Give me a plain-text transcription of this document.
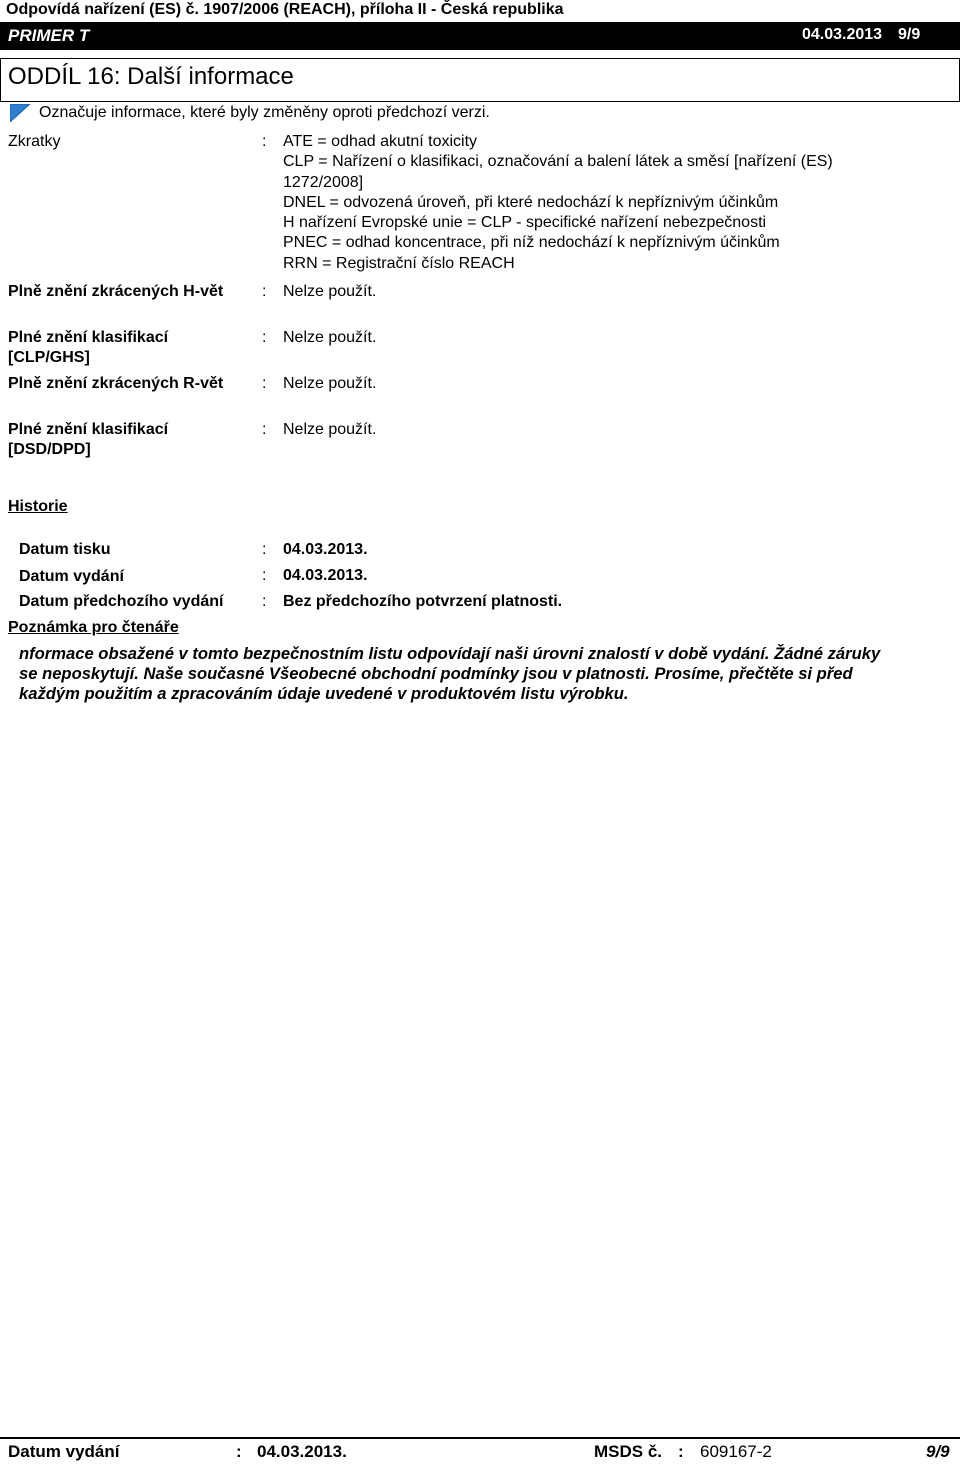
Odpovídá nařízení (ES) č. 1907/2006 (REACH), příloha II - Česká republika
PRIMER T	04.03.2013 9/9
ODDÍL 16: Další informace
Označuje informace, které byly změněny oproti předchozí verzi.
Zkratky	: ATE = odhad akutní toxicity
CLP = Nařízení o klasifikaci, označování a balení látek a směsí [nařízení (ES)
1272/2008]
DNEL = odvozená úroveň, při které nedochází k nepříznivým účinkům
H nařízení Evropské unie = CLP - specifické nařízení nebezpečnosti
PNEC = odhad koncentrace, při níž nedochází k nepříznivým účinkům
RRN = Registrační číslo REACH
Plně znění zkrácených H-vět : Nelze použít.
Plné znění klasifikací
[CLP/GHS]
: Nelze použít.
Plně znění zkrácených R-vět : Nelze použít.
Plné znění klasifikací
[DSD/DPD]
: Nelze použít.
Historie
Datum tisku	: 04.03.2013.
Datum vydání	: 04.03.2013.
Datum předchozího vydání : Bez předchozího potvrzení platnosti.
Poznámka pro čtenáře
nformace obsažené v tomto bezpečnostním listu odpovídají naši úrovni znalostí v době vydání. Žádné záruky
se neposkytují. Naše současné Všeobecné obchodní podmínky jsou v platnosti. Prosíme, přečtěte si před
každým použitím a zpracováním údaje uvedené v produktovém listu výrobku.
Datum vydání	: 04.03.2013.	MSDS č. : 609167-2	9/9
